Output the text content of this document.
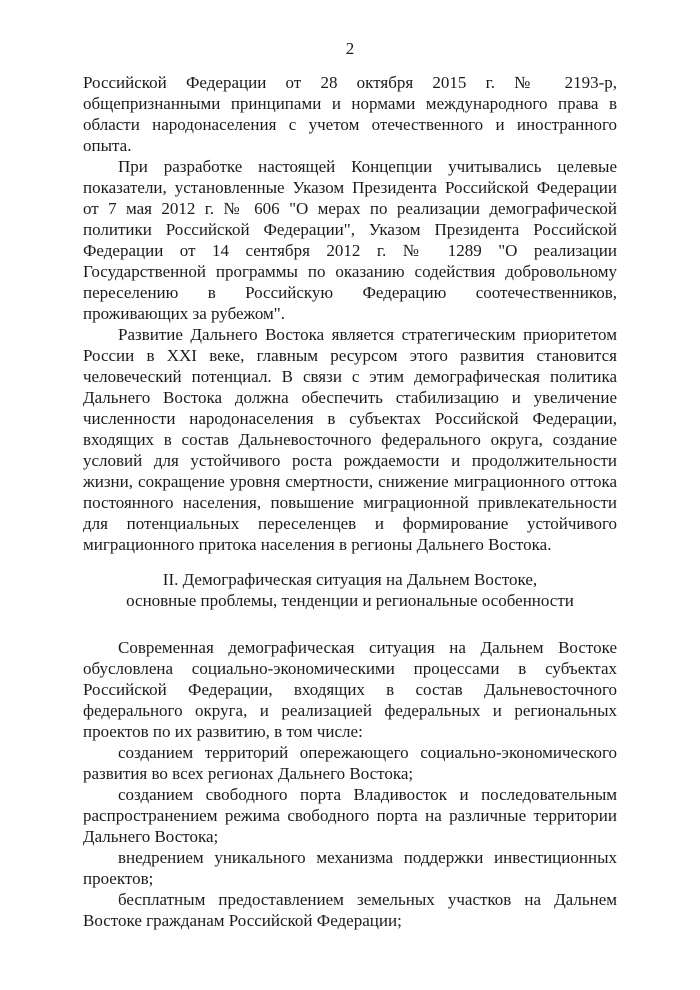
2

Российской Федерации от 28 октября 2015 г. № 2193-р, общепризнанными принципами и нормами международного права в области народонаселения с учетом отечественного и иностранного опыта.

При разработке настоящей Концепции учитывались целевые показатели, установленные Указом Президента Российской Федерации от 7 мая 2012 г. № 606 "О мерах по реализации демографической политики Российской Федерации", Указом Президента Российской Федерации от 14 сентября 2012 г. № 1289 "О реализации Государственной программы по оказанию содействия добровольному переселению в Российскую Федерацию соотечественников, проживающих за рубежом".

Развитие Дальнего Востока является стратегическим приоритетом России в XXI веке, главным ресурсом этого развития становится человеческий потенциал. В связи с этим демографическая политика Дальнего Востока должна обеспечить стабилизацию и увеличение численности народонаселения в субъектах Российской Федерации, входящих в состав Дальневосточного федерального округа, создание условий для устойчивого роста рождаемости и продолжительности жизни, сокращение уровня смертности, снижение миграционного оттока постоянного населения, повышение миграционной привлекательности для потенциальных переселенцев и формирование устойчивого миграционного притока населения в регионы Дальнего Востока.

II. Демографическая ситуация на Дальнем Востоке,
основные проблемы, тенденции и региональные особенности

Современная демографическая ситуация на Дальнем Востоке обусловлена социально-экономическими процессами в субъектах Российской Федерации, входящих в состав Дальневосточного федерального округа, и реализацией федеральных и региональных проектов по их развитию, в том числе:

созданием территорий опережающего социально-экономического развития во всех регионах Дальнего Востока;

созданием свободного порта Владивосток и последовательным распространением режима свободного порта на различные территории Дальнего Востока;

внедрением уникального механизма поддержки инвестиционных проектов;

бесплатным предоставлением земельных участков на Дальнем Востоке гражданам Российской Федерации;
